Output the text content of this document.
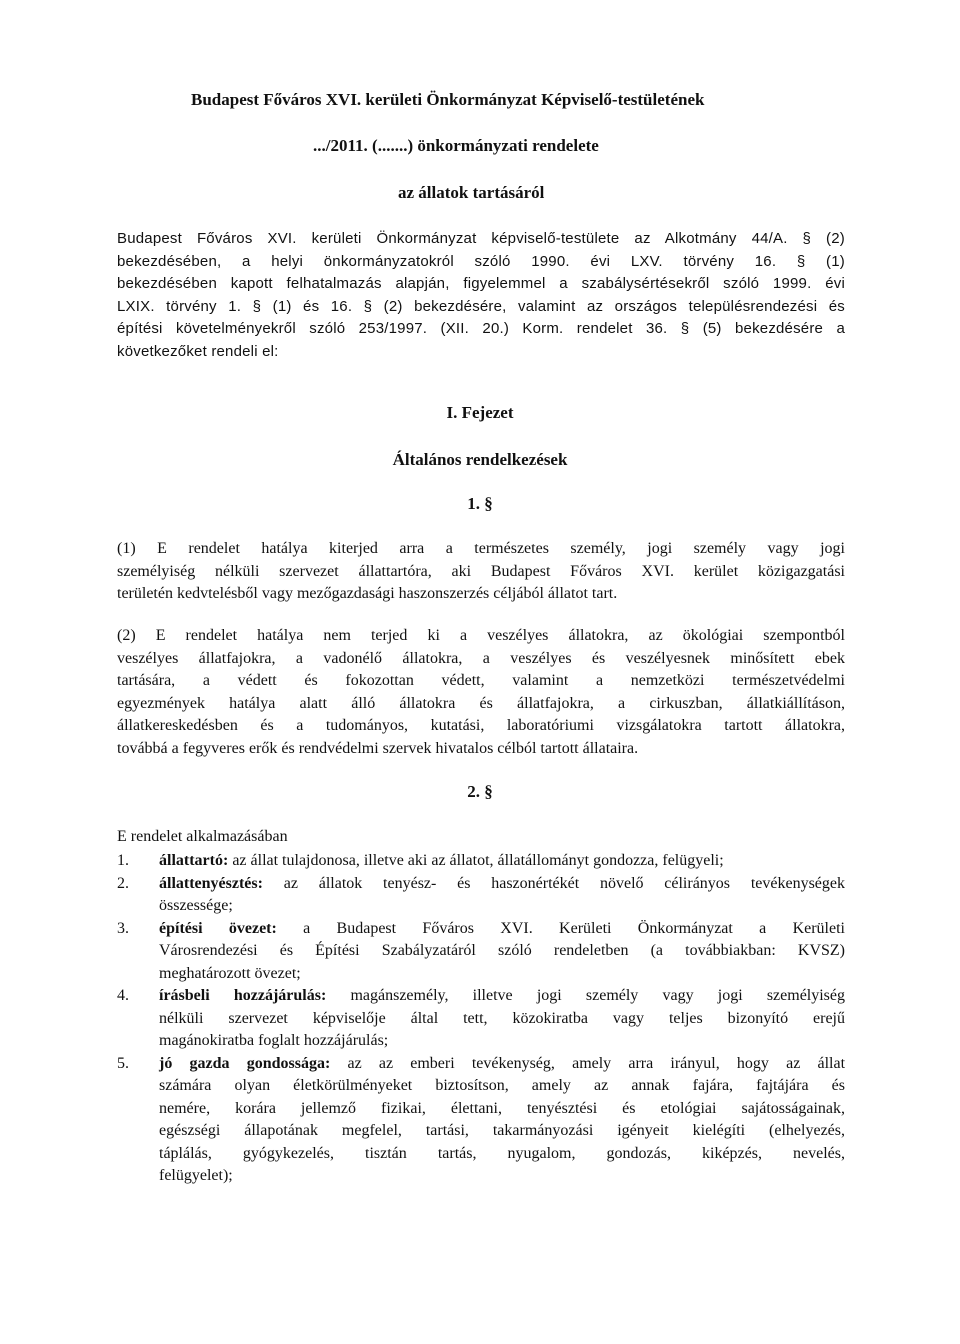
Budapest Főváros XVI. kerületi Önkormányzat Képviselő-testületének
.../2011. (.......) önkormányzati rendelete
az állatok tartásáról
Budapest Főváros XVI. kerületi Önkormányzat képviselő-testülete az Alkotmány 44/A. § (2)
bekezdésében, a helyi önkormányzatokról szóló 1990. évi LXV. törvény 16. § (1)
bekezdésében kapott felhatalmazás alapján, figyelemmel a szabálysértésekről szóló 1999. évi
LXIX. törvény 1. § (1) és 16. § (2) bekezdésére, valamint az országos településrendezési és
építési követelményekről szóló 253/1997. (XII. 20.) Korm. rendelet 36. § (5) bekezdésére a
következőket rendeli el:
I. Fejezet
Általános rendelkezések
1. §
(1) E rendelet hatálya kiterjed arra a természetes személy, jogi személy vagy jogi
személyiség nélküli szervezet állattartóra, aki Budapest Főváros XVI. kerület közigazgatási
területén kedvtelésből vagy mezőgazdasági haszonszerzés céljából állatot tart.
(2) E rendelet hatálya nem terjed ki a veszélyes állatokra, az ökológiai szempontból
veszélyes állatfajokra, a vadonélő állatokra, a veszélyes és veszélyesnek minősített ebek
tartására, a védett és fokozottan védett, valamint a nemzetközi természetvédelmi
egyezmények hatálya alatt álló állatokra és állatfajokra, a cirkuszban, állatkiállításon,
állatkereskedésben és a tudományos, kutatási, laboratóriumi vizsgálatokra tartott állatokra,
továbbá a fegyveres erők és rendvédelmi szervek hivatalos célból tartott állataira.
2. §
E rendelet alkalmazásában
1.	állattartó: az állat tulajdonosa, illetve aki az állatot, állatállományt gondozza, felügyeli;
2.	állattenyésztés: az állatok tenyész- és haszonértékét növelő célirányos tevékenységek
összessége;
3.	építési övezet: a Budapest Főváros XVI. Kerületi Önkormányzat a Kerületi
Városrendezési és Építési Szabályzatáról szóló rendeletben (a továbbiakban: KVSZ)
meghatározott övezet;
4.	írásbeli hozzájárulás: magánszemély, illetve jogi személy vagy jogi személyiség
nélküli szervezet képviselője által tett, közokiratba vagy teljes bizonyító erejű
magánokiratba foglalt hozzájárulás;
5.	jó gazda gondossága: az az emberi tevékenység, amely arra irányul, hogy az állat
számára olyan életkörülményeket biztosítson, amely az annak fajára, fajtájára és
nemére, korára jellemző fizikai, élettani, tenyésztési és etológiai sajátosságainak,
egészségi állapotának megfelel, tartási, takarmányozási igényeit kielégíti (elhelyezés,
táplálás, gyógykezelés, tisztán tartás, nyugalom, gondozás, kiképzés, nevelés,
felügyelet);
